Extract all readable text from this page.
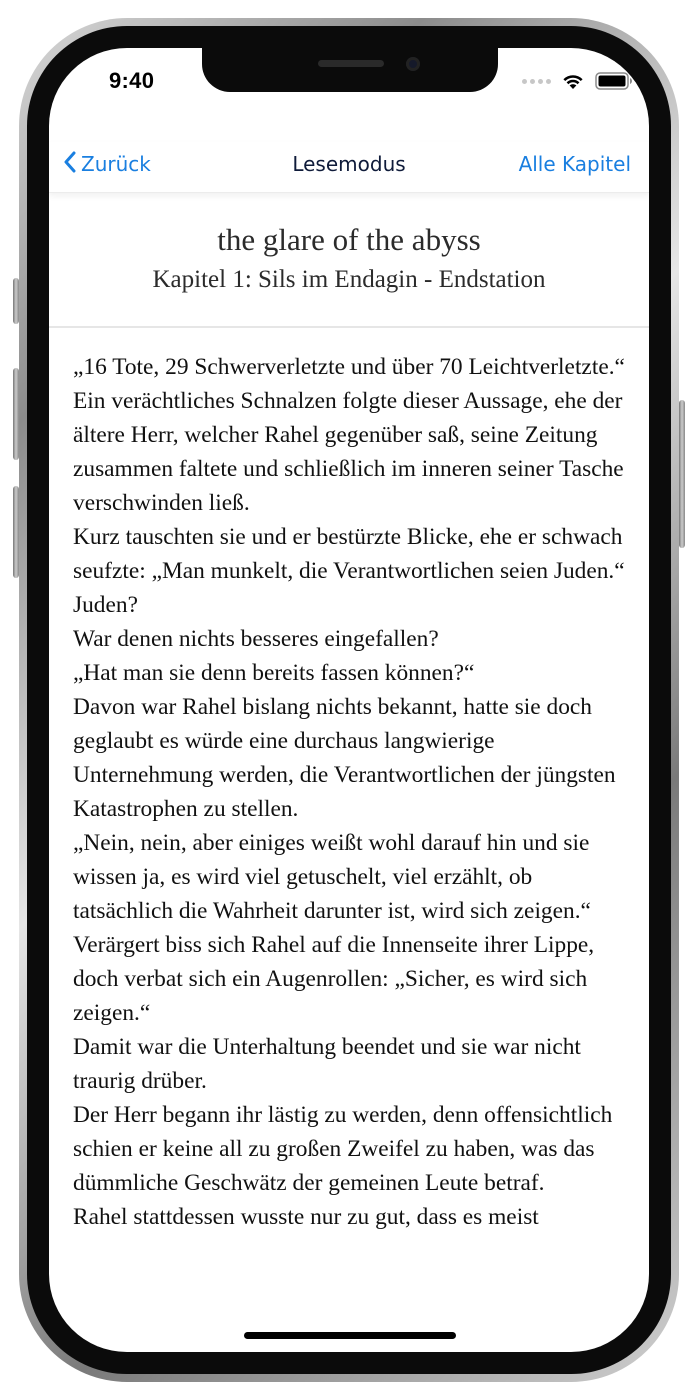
9:40
Zurück	Lesemodus	Alle Kapitel
the glare of the abyss
Kapitel 1: Sils im Endagin - Endstation

„16 Tote, 29 Schwerverletzte und über 70 Leichtverletzte.“

Ein verächtliches Schnalzen folgte dieser Aussage, ehe der ältere Herr, welcher Rahel gegenüber saß, seine Zeitung zusammen faltete und schließlich im inneren seiner Tasche verschwinden ließ.

Kurz tauschten sie und er bestürzte Blicke, ehe er schwach seufzte: „Man munkelt, die Verantwortlichen seien Juden.“

Juden?

War denen nichts besseres eingefallen?

„Hat man sie denn bereits fassen können?“

Davon war Rahel bislang nichts bekannt, hatte sie doch geglaubt es würde eine durchaus langwierige Unternehmung werden, die Verantwortlichen der jüngsten Katastrophen zu stellen.

„Nein, nein, aber einiges weißt wohl darauf hin und sie wissen ja, es wird viel getuschelt, viel erzählt, ob tatsächlich die Wahrheit darunter ist, wird sich zeigen.“

Verärgert biss sich Rahel auf die Innenseite ihrer Lippe, doch verbat sich ein Augenrollen: „Sicher, es wird sich zeigen.“

Damit war die Unterhaltung beendet und sie war nicht traurig drüber.

Der Herr begann ihr lästig zu werden, denn offensichtlich schien er keine all zu großen Zweifel zu haben, was das dümmliche Geschwätz der gemeinen Leute betraf.

Rahel stattdessen wusste nur zu gut, dass es meist
